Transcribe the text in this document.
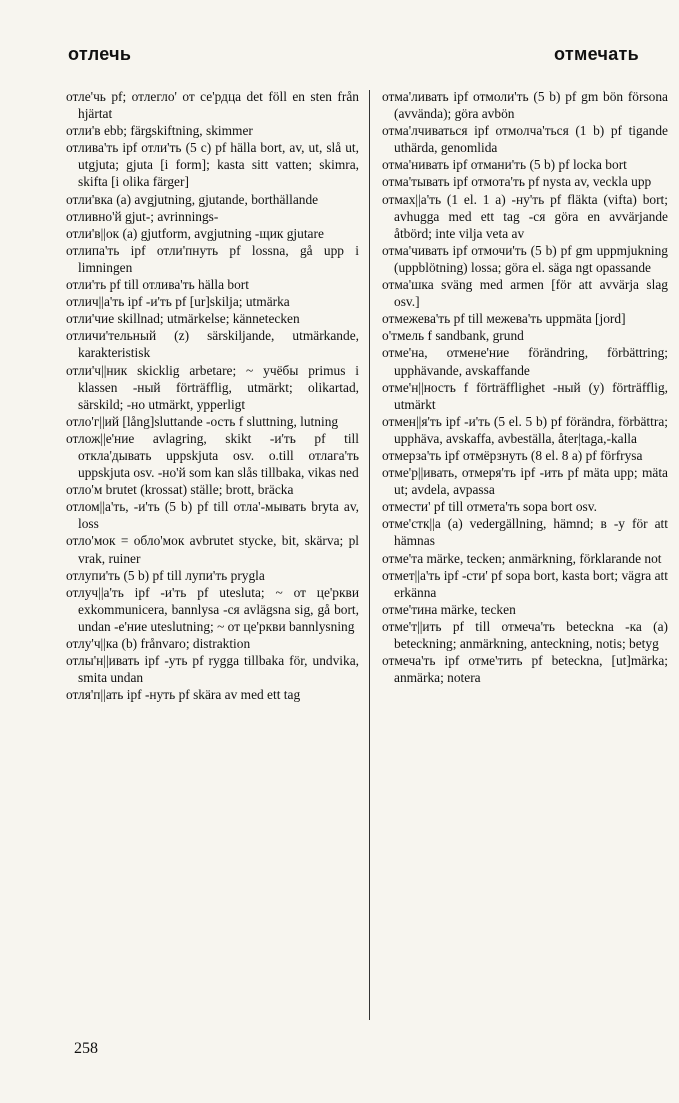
отлечь	отмечать

отле'чь pf; отлегло' от се'рдца det föll en sten från hjärtat

отли'в ebb; färgskiftning, skimmer

отлива'ть ipf отли'ть (5 c) pf hälla bort, av, ut, slå ut, utgjuta; gjuta [i form]; kasta sitt vatten; skimra, skifta [i olika färger]

отли'вка (a) avgjutning, gjutande, borthällande

отливно'й gjut-; avrinnings-

отли'в||ок (a) gjutform, avgjutning -щик gjutare

отлипа'ть ipf отли'пнуть pf lossna, gå upp i limningen

отли'ть pf till отлива'ть hälla bort

отлич||а'ть ipf -и'ть pf [ur]skilja; utmärka

отли'чие skillnad; utmärkelse; kännetecken

отличи'тельный (z) särskiljande, utmärkande, karakteristisk

отли'ч||ник skicklig arbetare; ~ учёбы primus i klassen -ный förträfflig, utmärkt; olikartad, särskild; -но utmärkt, ypperligt

отло'г||ий [lång]sluttande -ость f sluttning, lutning

отлож||е'ние avlagring, skikt -и'ть pf till откла'дывать uppskjuta osv. о.till отлага'ть uppskjuta osv. -но'й som kan slås tillbaka, vikas ned

отло'м brutet (krossat) ställe; brott, bräcka

отлом||а'ть, -и'ть (5 b) pf till отла'-мывать bryta av, loss

отло'мок = обло'мок avbrutet stycke, bit, skärva; pl vrak, ruiner

отлупи'ть (5 b) pf till лупи'ть prygla

отлуч||а'ть ipf -и'ть pf utesluta; ~ от це'ркви exkommunicera, bannlysa -ся avlägsna sig, gå bort, undan -е'ние uteslutning; ~ от це'ркви bannlysning

отлу'ч||ка (b) frånvaro; distraktion

отлы'н||ивать ipf -уть pf rygga tillbaka för, undvika, smita undan

отля'п||ать ipf -нуть pf skära av med ett tag

отма'ливать ipf отмоли'ть (5 b) pf gm bön försona (avvända); göra avbön

отма'лчиваться ipf отмолча'ться (1 b) pf tigande uthärda, genomlida

отма'нивать ipf отмани'ть (5 b) pf locka bort

отма'тывать ipf отмота'ть pf nysta av, veckla upp

отмах||а'ть (1 el. 1 a) -ну'ть pf fläkta (vifta) bort; avhugga med ett tag -ся göra en avvärjande åtbörd; inte vilja veta av

отма'чивать ipf отмочи'ть (5 b) pf gm uppmjukning (uppblötning) lossa; göra el. säga ngt opassande

отма'шка sväng med armen [för att avvärja slag osv.]

отмежева'ть pf till межева'ть uppmäta [jord]

о'тмель f sandbank, grund

отме'на, отмене'ние förändring, förbättring; upphävande, avskaffande

отме'н||ность f förträfflighet -ный (y) förträfflig, utmärkt

отмен||я'ть ipf -и'ть (5 el. 5 b) pf förändra, förbättra; upphäva, avskaffa, avbeställa, åter|taga,-kalla

отмерза'ть ipf отмёрзнуть (8 el. 8 a) pf förfrysa

отме'р||ивать, отмеря'ть ipf -ить pf mäta upp; mäta ut; avdela, avpassa

отмести' pf till отмета'ть sopa bort osv.

отме'стк||а (a) vedergällning, hämnd; в -у för att hämnas

отме'та märke, tecken; anmärkning, förklarande not

отмет||а'ть ipf -сти' pf sopa bort, kasta bort; vägra att erkänna

отме'тина märke, tecken

отме'т||ить pf till отмеча'ть beteckna -ка (a) beteckning; anmärkning, anteckning, notis; betyg

отмеча'ть ipf отме'тить pf beteckna, [ut]märka; anmärka; notera

258
